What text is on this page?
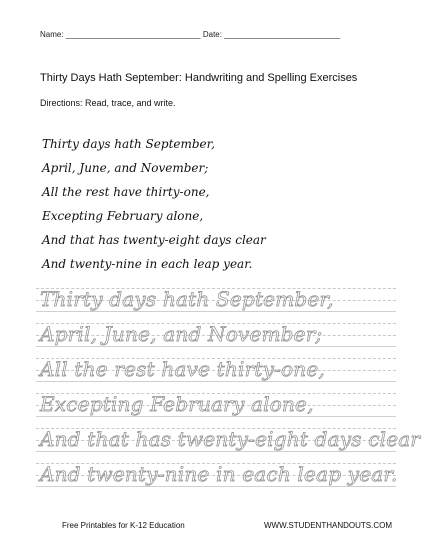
Name: _____________________________ Date: _________________________
Thirty Days Hath September: Handwriting and Spelling Exercises
Directions: Read, trace, and write.
Thirty days hath September,
April, June, and November;
All the rest have thirty-one,
Excepting February alone,
And that has twenty-eight days clear
And twenty-nine in each leap year.
Thirty days hath September,
April, June, and November;
All the rest have thirty-one,
Excepting February alone,
And that has twenty-eight days clear
And twenty-nine in each leap year.
Free Printables for K-12 Education	WWW.STUDENTHANDOUTS.COM
